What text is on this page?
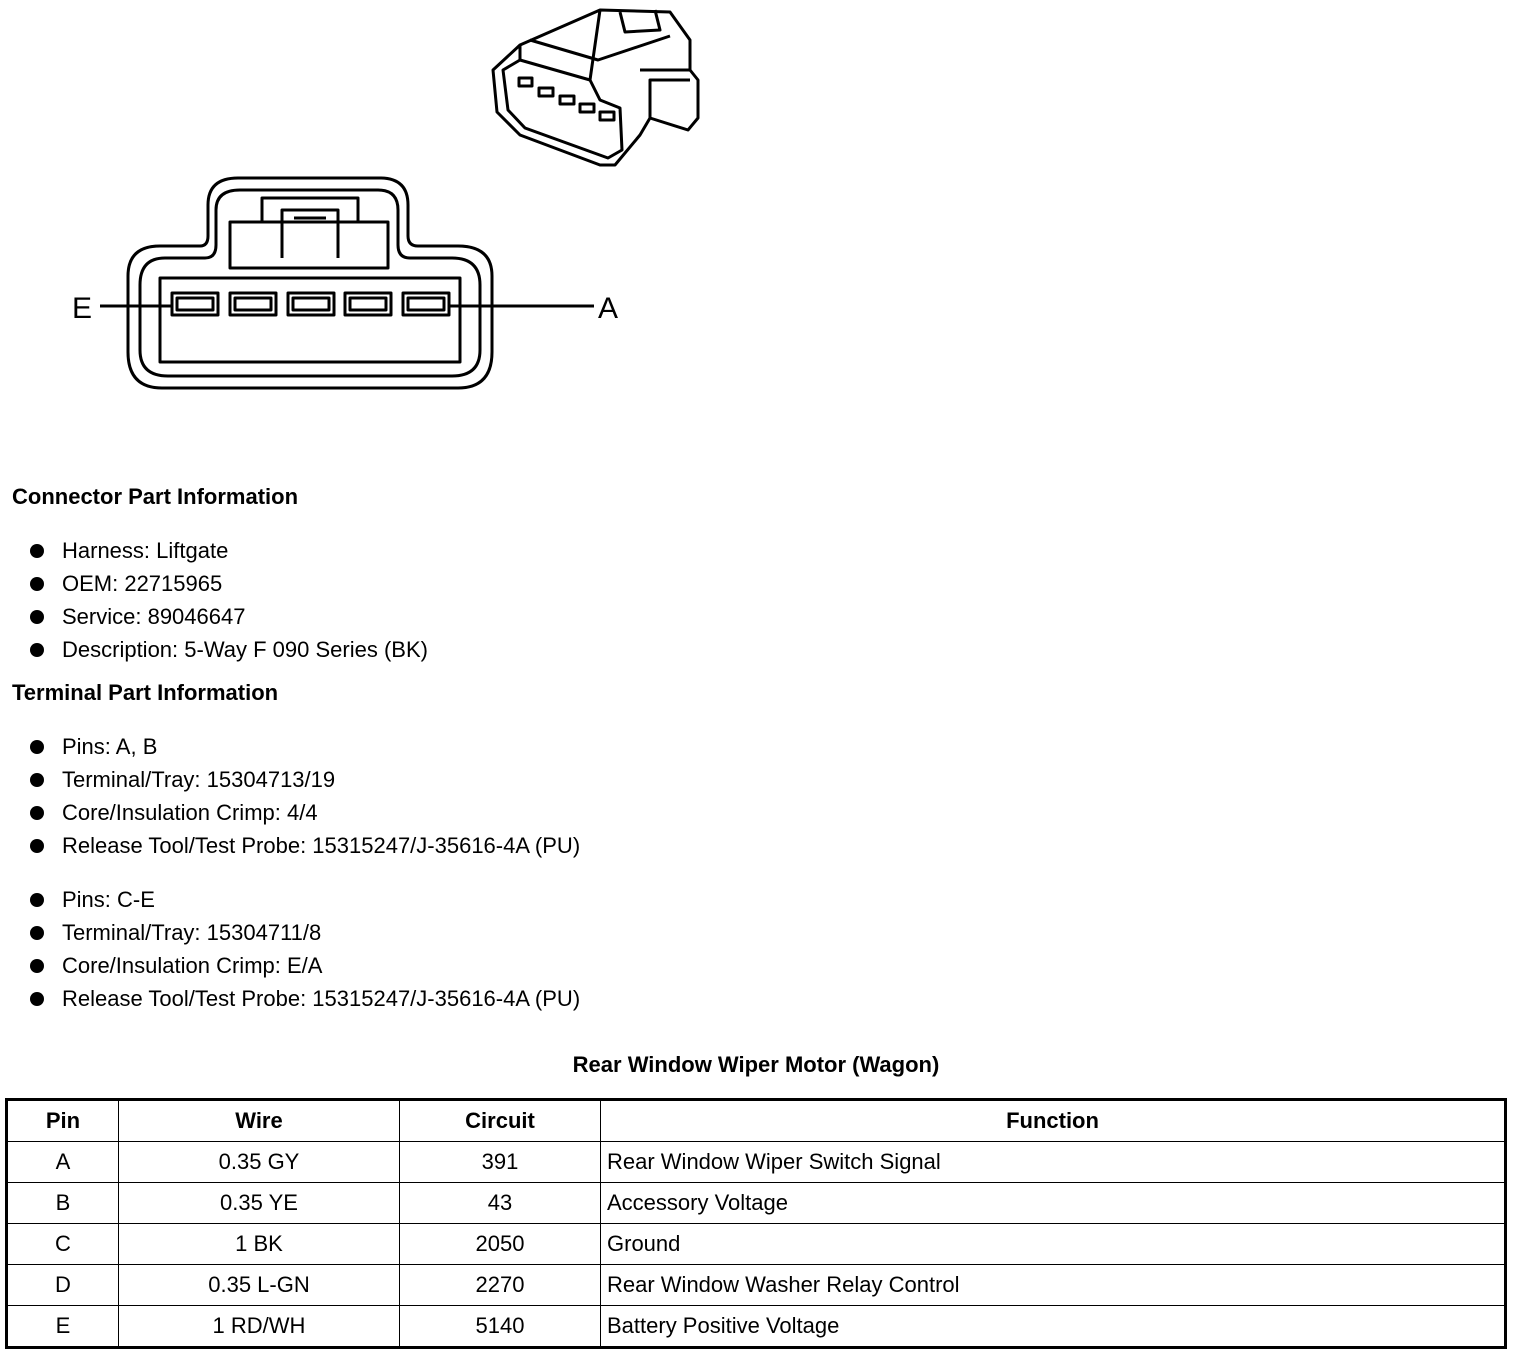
E	A
Connector Part Information
Harness: Liftgate
OEM: 22715965
Service: 89046647
Description: 5-Way F 090 Series (BK)
Terminal Part Information
Pins: A, B
Terminal/Tray: 15304713/19
Core/Insulation Crimp: 4/4
Release Tool/Test Probe: 15315247/J-35616-4A (PU)
Pins: C-E
Terminal/Tray: 15304711/8
Core/Insulation Crimp: E/A
Release Tool/Test Probe: 15315247/J-35616-4A (PU)
Rear Window Wiper Motor (Wagon)
Pin	Wire	Circuit	Function
A	0.35 GY	391	Rear Window Wiper Switch Signal
B	0.35 YE	43	Accessory Voltage
C	1 BK	2050	Ground
D	0.35 L-GN	2270	Rear Window Washer Relay Control
E	1 RD/WH	5140	Battery Positive Voltage
